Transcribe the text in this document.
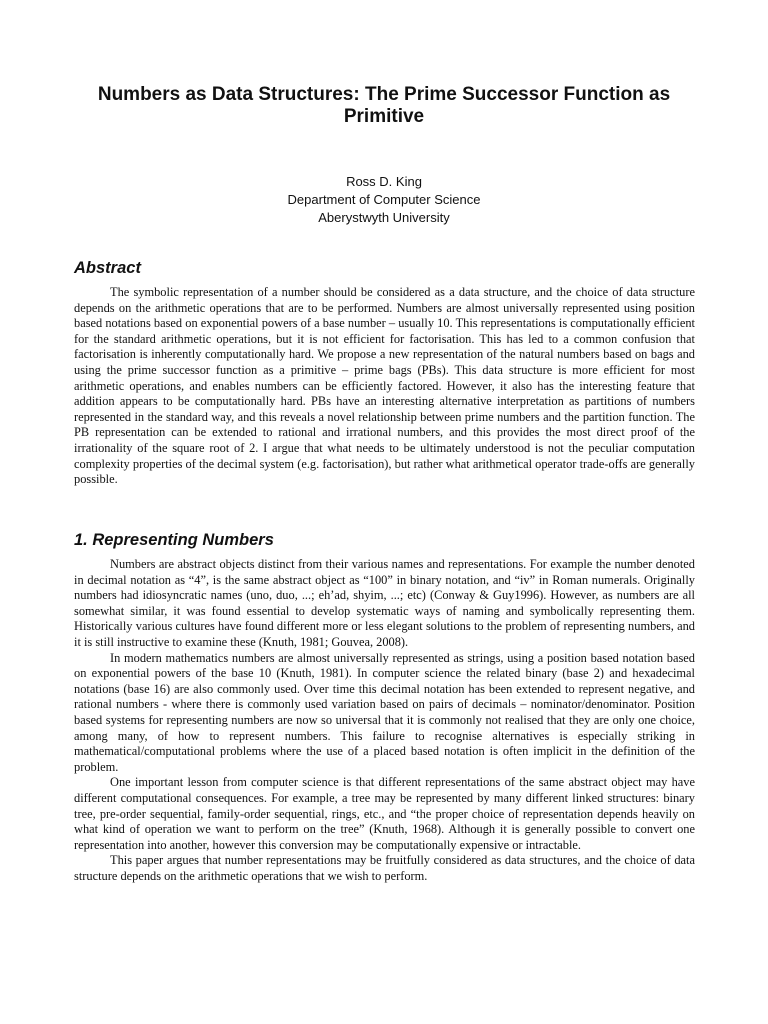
Numbers as Data Structures: The Prime Successor Function as Primitive
Ross D. King
Department of Computer Science
Aberystwyth University
Abstract

The symbolic representation of a number should be considered as a data structure, and the choice of data structure depends on the arithmetic operations that are to be performed. Numbers are almost universally represented using position based notations based on exponential powers of a base number – usually 10. This representations is computationally efficient for the standard arithmetic operations, but it is not efficient for factorisation. This has led to a common confusion that factorisation is inherently computationally hard. We propose a new representation of the natural numbers based on bags and using the prime successor function as a primitive – prime bags (PBs). This data structure is more efficient for most arithmetic operations, and enables numbers can be efficiently factored. However, it also has the interesting feature that addition appears to be computationally hard. PBs have an interesting alternative interpretation as partitions of numbers represented in the standard way, and this reveals a novel relationship between prime numbers and the partition function. The PB representation can be extended to rational and irrational numbers, and this provides the most direct proof of the irrationality of the square root of 2. I argue that what needs to be ultimately understood is not the peculiar computation complexity properties of the decimal system (e.g. factorisation), but rather what arithmetical operator trade-offs are generally possible.

1. Representing Numbers

Numbers are abstract objects distinct from their various names and representations. For example the number denoted in decimal notation as “4”, is the same abstract object as “100” in binary notation, and “iv” in Roman numerals. Originally numbers had idiosyncratic names (uno, duo, ...; eh’ad, shyim, ...; etc) (Conway & Guy1996). However, as numbers are all somewhat similar, it was found essential to develop systematic ways of naming and symbolically representing them. Historically various cultures have found different more or less elegant solutions to the problem of representing numbers, and it is still instructive to examine these (Knuth, 1981; Gouvea, 2008).

In modern mathematics numbers are almost universally represented as strings, using a position based notation based on exponential powers of the base 10 (Knuth, 1981). In computer science the related binary (base 2) and hexadecimal notations (base 16) are also commonly used. Over time this decimal notation has been extended to represent negative, and rational numbers - where there is commonly used variation based on pairs of decimals – nominator/denominator. Position based systems for representing numbers are now so universal that it is commonly not realised that they are only one choice, among many, of how to represent numbers. This failure to recognise alternatives is especially striking in mathematical/computational problems where the use of a placed based notation is often implicit in the definition of the problem.

One important lesson from computer science is that different representations of the same abstract object may have different computational consequences. For example, a tree may be represented by many different linked structures: binary tree, pre-order sequential, family-order sequential, rings, etc., and “the proper choice of representation depends heavily on what kind of operation we want to perform on the tree” (Knuth, 1968). Although it is generally possible to convert one representation into another, however this conversion may be computationally expensive or intractable.

This paper argues that number representations may be fruitfully considered as data structures, and the choice of data structure depends on the arithmetic operations that we wish to perform.
